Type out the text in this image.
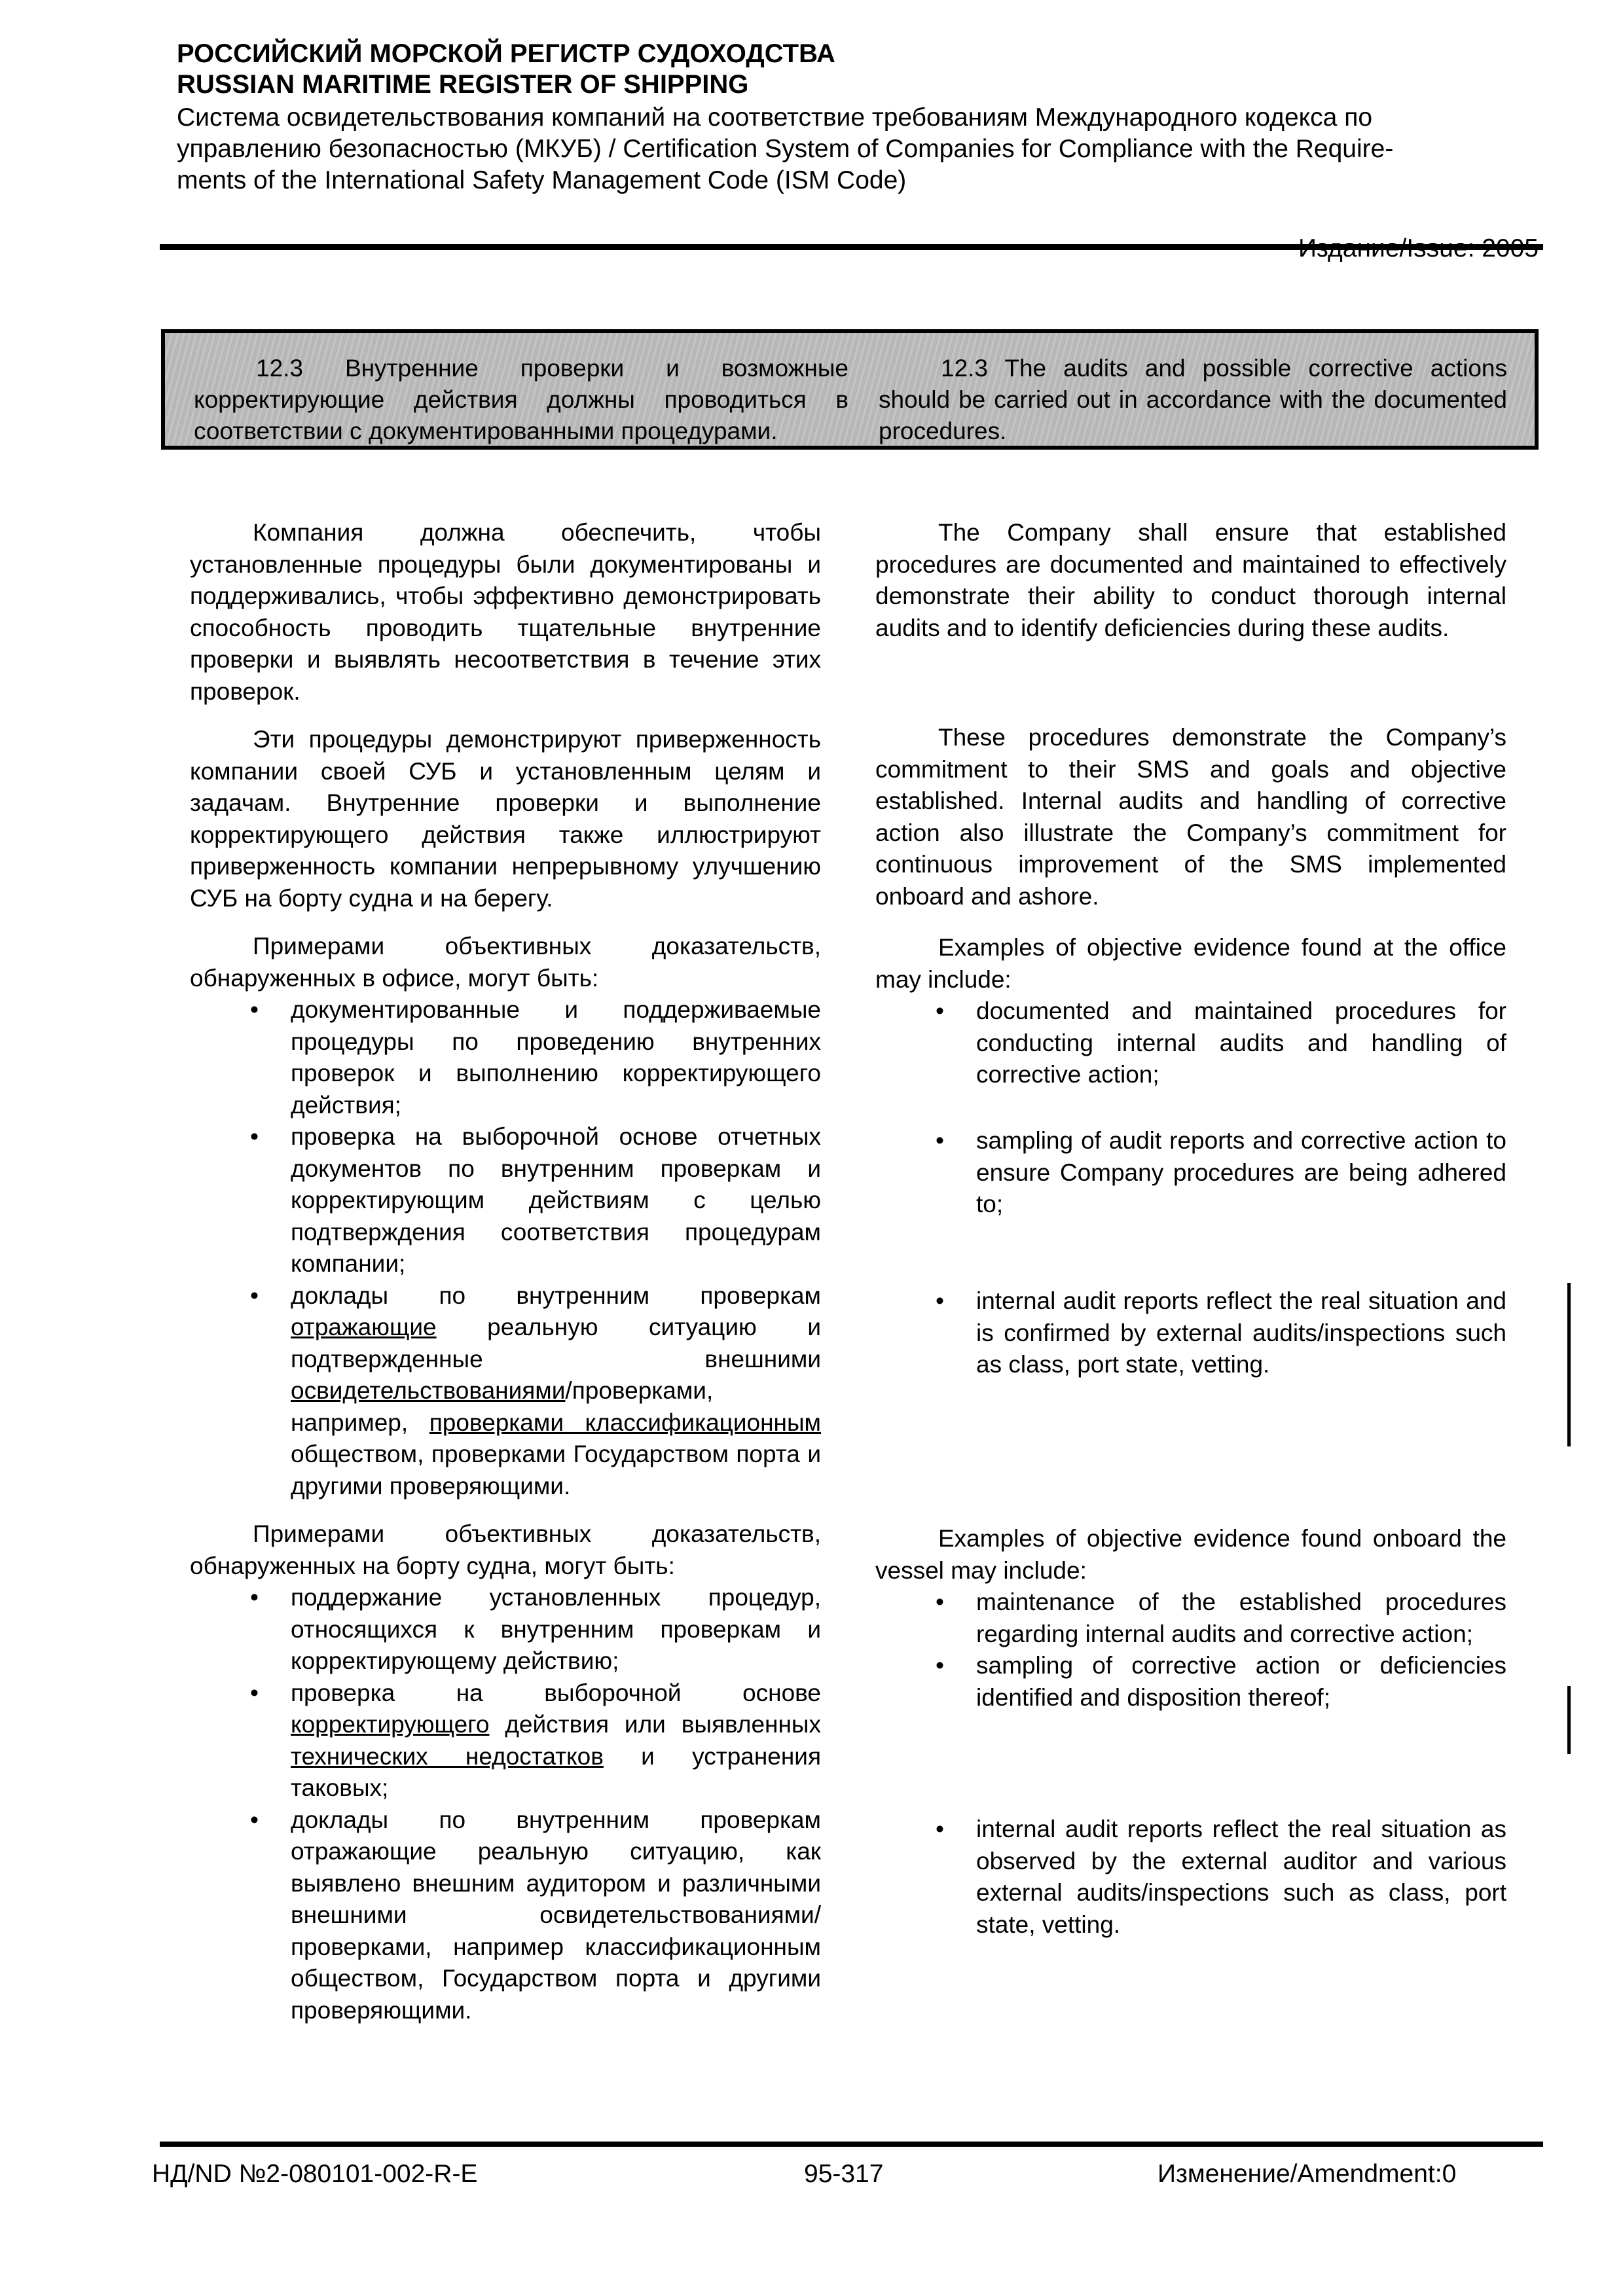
РОССИЙСКИЙ МОРСКОЙ РЕГИСТР СУДОХОДСТВА
RUSSIAN MARITIME REGISTER OF SHIPPING
Система освидетельствования компаний на соответствие требованиям Международного кодекса по
управлению безопасностью (МКУБ) / Certification System of Companies for Compliance with the Require-
ments of the International Safety Management Code (ISM Code)
12.3 Внутренние проверки и возможные корректирующие действия должны проводиться в соответствии с документированными процедурами.
12.3 The audits and possible corrective actions should be carried out in accordance with the documented procedures.

Компания должна обеспечить, чтобы установленные процедуры были документированы и поддерживались, чтобы эффективно демонстрировать способность проводить тщательные внутренние проверки и выявлять несоответствия в течение этих проверок.

Эти процедуры демонстрируют приверженность компании своей СУБ и установленным целям и задачам. Внутренние проверки и выполнение корректирующего действия также иллюстрируют приверженность компании непрерывному улучшению СУБ на борту судна и на берегу.

Примерами объективных доказательств, обнаруженных в офисе, могут быть:

• документированные и поддерживаемые процедуры по проведению внутренних проверок и выполнению корректирующего действия;
• проверка на выборочной основе отчетных документов по внутренним проверкам и корректирующим действиям с целью подтверждения соответствия процедурам компании;
• доклады по внутренним проверкам отражающие реальную ситуацию и подтвержденные внешними освидетельствованиями/проверками, например, проверками классификационным обществом, проверками Государством порта и другими проверяющими.

Примерами объективных доказательств, обнаруженных на борту судна, могут быть:

• поддержание установленных процедур, относящихся к внутренним проверкам и корректирующему действию;
• проверка на выборочной основе корректирующего действия или выявленных технических недостатков и устранения таковых;
• доклады по внутренним проверкам отражающие реальную ситуацию, как выявлено внешним аудитором и различными внешними освидетельствованиями/проверками, например классификационным обществом, Государством порта и другими проверяющими.

The Company shall ensure that established procedures are documented and maintained to effectively demonstrate their ability to conduct thorough internal audits and to identify deficiencies during these audits.

These procedures demonstrate the Company’s commitment to their SMS and goals and objective established. Internal audits and handling of corrective action also illustrate the Company’s commitment for continuous improvement of the SMS implemented onboard and ashore.

Examples of objective evidence found at the office may include:

• documented and maintained procedures for conducting internal audits and handling of corrective action;
• sampling of audit reports and corrective action to ensure Company procedures are being adhered to;
• internal audit reports reflect the real situation and is confirmed by external audits/inspections such as class, port state, vetting.

Examples of objective evidence found onboard the vessel may include:

• maintenance of the established procedures regarding internal audits and corrective action;
• sampling of corrective action or deficiencies identified and disposition thereof;
• internal audit reports reflect the real situation as observed by the external auditor and various external audits/inspections such as class, port state, vetting.
НД/ND №2-080101-002-R-E	95-317	Изменение/Amendment:0
